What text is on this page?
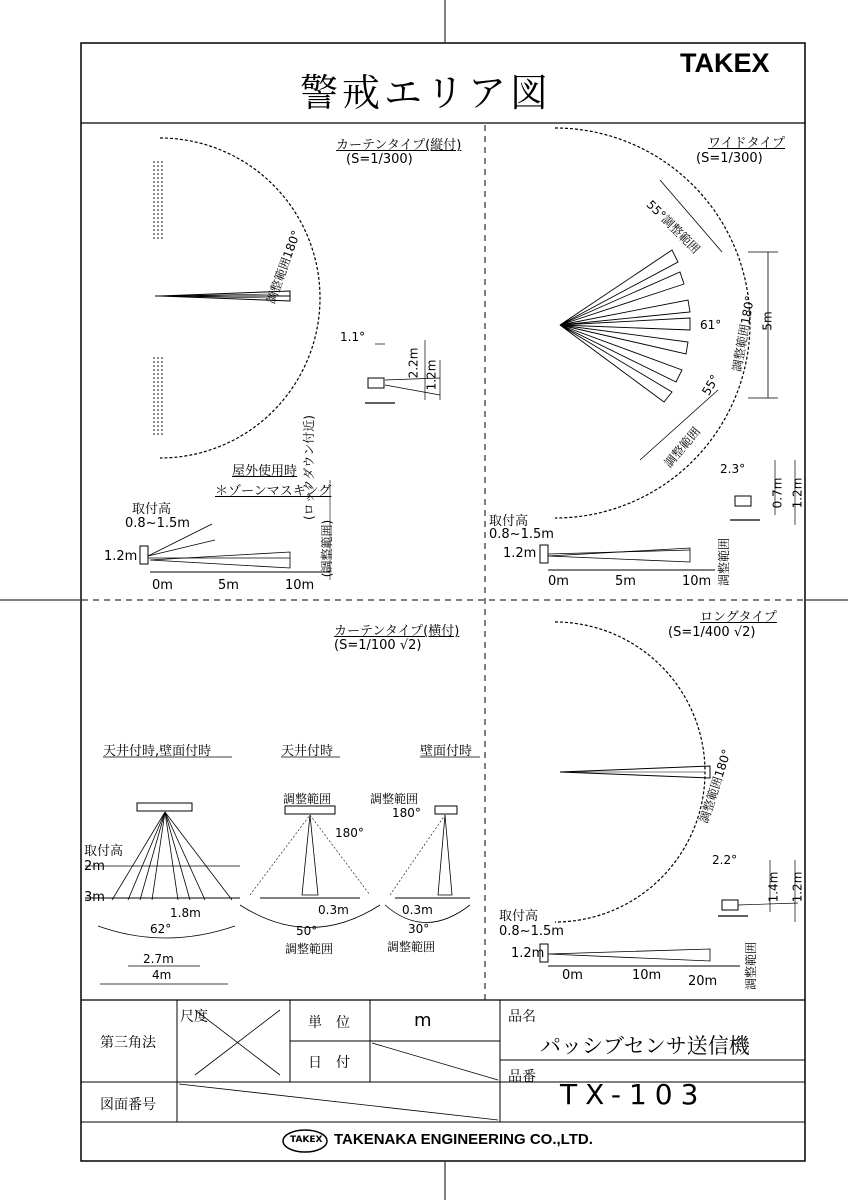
警戒エリア図
TAKEX
カーテンタイプ(縦付)
(S=1/300)
調整範囲180°
1.1°
2.2m 1.2m
屋外使用時
＊ゾーンマスキング
取付高
0.8~1.5m
1.2m
0m	5m	10m
(調整範囲)
(ロックダウン付近)
ワイドタイプ
(S=1/300)
55°調整範囲
61°
55°
調整範囲180° 5m
調整範囲 2.3°
0.7m 1.2m
取付高
0.8~1.5m
1.2m
0m	5m	10m 調整範囲
カーテンタイプ(横付)
(S=1/100 √2)
天井付時,壁面付時	天井付時	壁面付時
取付高
2m
3m
1.8m
62°
2.7m
4m
調整範囲	調整範囲
180°
180°
0.3m	0.3m
50°	30°
調整範囲	調整範囲
ロングタイプ
(S=1/400 √2)
調整範囲180°
2.2°
1.4m 1.2m
取付高
0.8~1.5m
1.2m
0m	10m 20m 調整範囲
第三角法
尺度	単　位	m
日　付
品名
パッシブセンサ送信機
品番
TX-103
図面番号
TAKEX TAKENAKA ENGINEERING CO.,LTD.
